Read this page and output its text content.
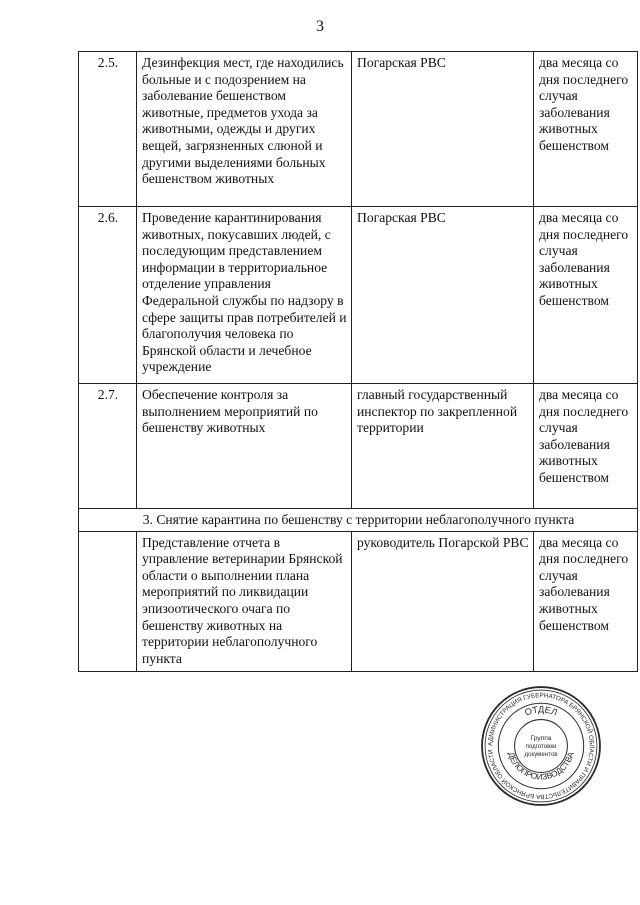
3
2.5.	Дезинфекция мест, где находились больные и с подозрением на заболевание бешенством животные, предметов ухода за животными, одежды и других вещей, загрязненных слюной и другими выделениями больных бешенством животных	Погарская РВС	два месяца со дня последнего случая заболевания животных бешенством
2.6.	Проведение карантинирования животных, покусавших людей, с последующим представлением информации в территориальное отделение управления Федеральной службы по надзору в сфере защиты прав потребителей и благополучия человека по Брянской области и лечебное учреждение	Погарская РВС	два месяца со дня последнего случая заболевания животных бешенством
2.7.	Обеспечение контроля за выполнением мероприятий по бешенству животных	главный государственный инспектор по закрепленной территории	два месяца со дня последнего случая заболевания животных бешенством
3. Снятие карантина по бешенству с территории неблагополучного пункта			
	Представление отчета в управление ветеринарии Брянской области о выполнении плана мероприятий по ликвидации эпизоотического очага по бешенству животных на территории неблагополучного пункта	руководитель Погарской РВС	два месяца со дня последнего случая заболевания животных бешенством
АДМИНИСТРАЦИЯ ГУБЕРНАТОРА БРЯНСКОЙ ОБЛАСТИ И ПРАВИТЕЛЬСТВА БРЯНСКОЙ ОБЛАСТИ
ОТДЕЛ
ДЕЛОПРОИЗВОДСТВА
Группа
подготовки
документов
